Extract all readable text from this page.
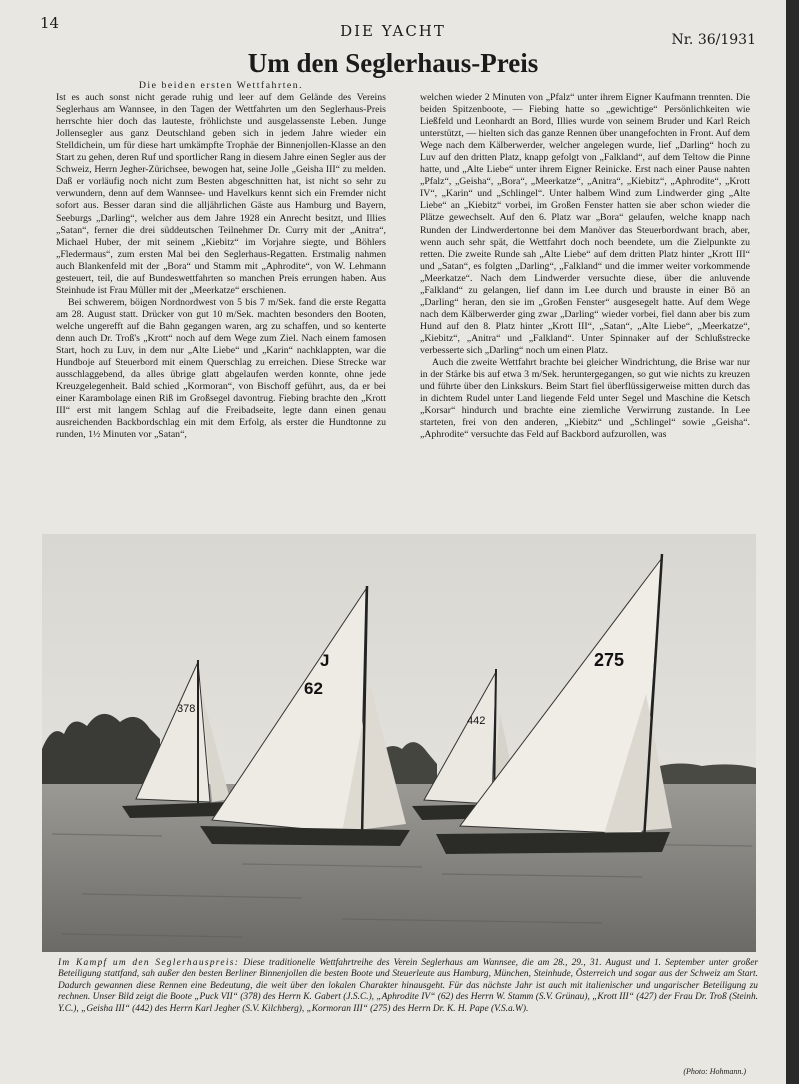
14	DIE YACHT	Nr. 36/1931
Um den Seglerhaus-Preis
Die beiden ersten Wettfahrten.

Ist es auch sonst nicht gerade ruhig und leer auf dem Gelände des Vereins Seglerhaus am Wannsee, in den Tagen der Wettfahrten um den Seglerhaus-Preis herrschte hier doch das lauteste, fröhlichste und ausgelassenste Leben. Junge Jollensegler aus ganz Deutschland geben sich in jedem Jahre wieder ein Stelldichein, um für diese hart umkämpfte Trophäe der Binnenjollen-Klasse an den Start zu gehen, deren Ruf und sportlicher Rang in diesem Jahre einen Segler aus der Schweiz, Herrn Jegher-Zürichsee, bewogen hat, seine Jolle „Geisha III“ zu melden. Daß er vorläufig noch nicht zum Besten abgeschnitten hat, ist nicht so sehr zu verwundern, denn auf dem Wannsee- und Havelkurs kennt sich ein Fremder nicht sofort aus. Besser daran sind die alljährlichen Gäste aus Hamburg und Bayern, Seeburgs „Darling“, welcher aus dem Jahre 1928 ein Anrecht besitzt, und Illies „Satan“, ferner die drei süddeutschen Teilnehmer Dr. Curry mit der „Anitra“, Michael Huber, der mit seinem „Kiebitz“ im Vorjahre siegte, und Böhlers „Fledermaus“, zum ersten Mal bei den Seglerhaus-Regatten. Erstmalig nahmen auch Blankenfeld mit der „Bora“ und Stamm mit „Aphrodite“, von W. Lehmann gesteuert, teil, die auf Bundeswettfahrten so manchen Preis errungen haben. Aus Steinhude ist Frau Müller mit der „Meerkatze“ erschienen.

Bei schwerem, böigen Nordnordwest von 5 bis 7 m/Sek. fand die erste Regatta am 28. August statt. Drücker von gut 10 m/Sek. machten besonders den Booten, welche ungerefft auf die Bahn gegangen waren, arg zu schaffen, und so kenterte denn auch Dr. Troß's „Krott“ noch auf dem Wege zum Ziel. Nach einem famosen Start, hoch zu Luv, in dem nur „Alte Liebe“ und „Karin“ nachklappten, war die Hundboje auf Steuerbord mit einem Querschlag zu erreichen. Diese Strecke war ausschlaggebend, da alles übrige glatt abgelaufen werden konnte, ohne jede Kreuzgelegenheit. Bald schied „Kormoran“, von Bischoff geführt, aus, da er bei einer Karambolage einen Riß im Großsegel davontrug. Fiebing brachte den „Krott III“ erst mit langem Schlag auf die Freibadseite, legte dann einen genau ausreichenden Backbordschlag ein mit dem Erfolg, als erster die Hundtonne zu runden, 1½ Minuten vor „Satan“,

welchen wieder 2 Minuten von „Pfalz“ unter ihrem Eigner Kaufmann trennten. Die beiden Spitzenboote, — Fiebing hatte so „gewichtige“ Persönlichkeiten wie Ließfeld und Leonhardt an Bord, Illies wurde von seinem Bruder und Karl Reich unterstützt, — hielten sich das ganze Rennen über unangefochten in Front. Auf dem Wege nach dem Kälberwerder, welcher angelegen wurde, lief „Darling“ hoch zu Luv auf den dritten Platz, knapp gefolgt von „Falkland“, auf dem Teltow die Pinne hatte, und „Alte Liebe“ unter ihrem Eigner Reinicke. Erst nach einer Pause nahten „Pfalz“, „Geisha“, „Bora“, „Meerkatze“, „Anitra“, „Kiebitz“, „Aphrodite“, „Krott IV“, „Karin“ und „Schlingel“. Unter halbem Wind zum Lindwerder ging „Alte Liebe“ an „Kiebitz“ vorbei, im Großen Fenster hatten sie aber schon wieder die Plätze gewechselt. Auf den 6. Platz war „Bora“ gelaufen, welche knapp nach Runden der Lindwerdertonne bei dem Manöver das Steuerbordwant brach, aber, wenn auch sehr spät, die Wettfahrt doch noch beendete, um die Zielpunkte zu retten. Die zweite Runde sah „Alte Liebe“ auf dem dritten Platz hinter „Krott III“ und „Satan“, es folgten „Darling“, „Falkland“ und die immer weiter vorkommende „Meerkatze“. Nach dem Lindwerder versuchte diese, über die anluvende „Falkland“ zu gelangen, lief dann im Lee durch und brauste in einer Bö an „Darling“ heran, den sie im „Großen Fenster“ ausgesegelt hatte. Auf dem Wege nach dem Kälberwerder ging zwar „Darling“ wieder vorbei, fiel dann aber bis zum Hund auf den 8. Platz hinter „Krott III“, „Satan“, „Alte Liebe“, „Meerkatze“, „Kiebitz“, „Anitra“ und „Falkland“. Unter Spinnaker auf der Schlußstrecke verbesserte sich „Darling“ noch um einen Platz.

Auch die zweite Wettfahrt brachte bei gleicher Windrichtung, die Brise war nur in der Stärke bis auf etwa 3 m/Sek. heruntergegangen, so gut wie nichts zu kreuzen und führte über den Linkskurs. Beim Start fiel überflüssigerweise mitten durch das in dichtem Rudel unter Land liegende Feld unter Segel und Maschine die Ketsch „Korsar“ hindurch und brachte eine ziemliche Verwirrung zustande. In Lee starteten, frei von den anderen, „Kiebitz“ und „Schlingel“ sowie „Geisha“. „Aphrodite“ versuchte das Feld auf Backbord aufzurollen, was

378
J
62
442
275
Im Kampf um den Seglerhauspreis: Diese traditionelle Wettfahrtreihe des Verein Seglerhaus am Wannsee, die am 28., 29., 31. August und 1. September unter großer Beteiligung stattfand, sah außer den besten Berliner Binnenjollen die besten Boote und Steuerleute aus Hamburg, München, Steinhude, Österreich und sogar aus der Schweiz am Start. Dadurch gewannen diese Rennen eine Bedeutung, die weit über den lokalen Charakter hinausgeht. Für das nächste Jahr ist auch mit italienischer und ungarischer Beteiligung zu rechnen. Unser Bild zeigt die Boote „Puck VII“ (378) des Herrn K. Gabert (J.S.C.), „Aphrodite IV“ (62) des Herrn W. Stamm (S.V. Grünau), „Krott III“ (427) der Frau Dr. Troß (Steinh. Y.C.), „Geisha III“ (442) des Herrn Karl Jegher (S.V. Kilchberg), „Kormoran III“ (275) des Herrn Dr. K. H. Pape (V.S.a.W).
(Photo: Hohmann.)
